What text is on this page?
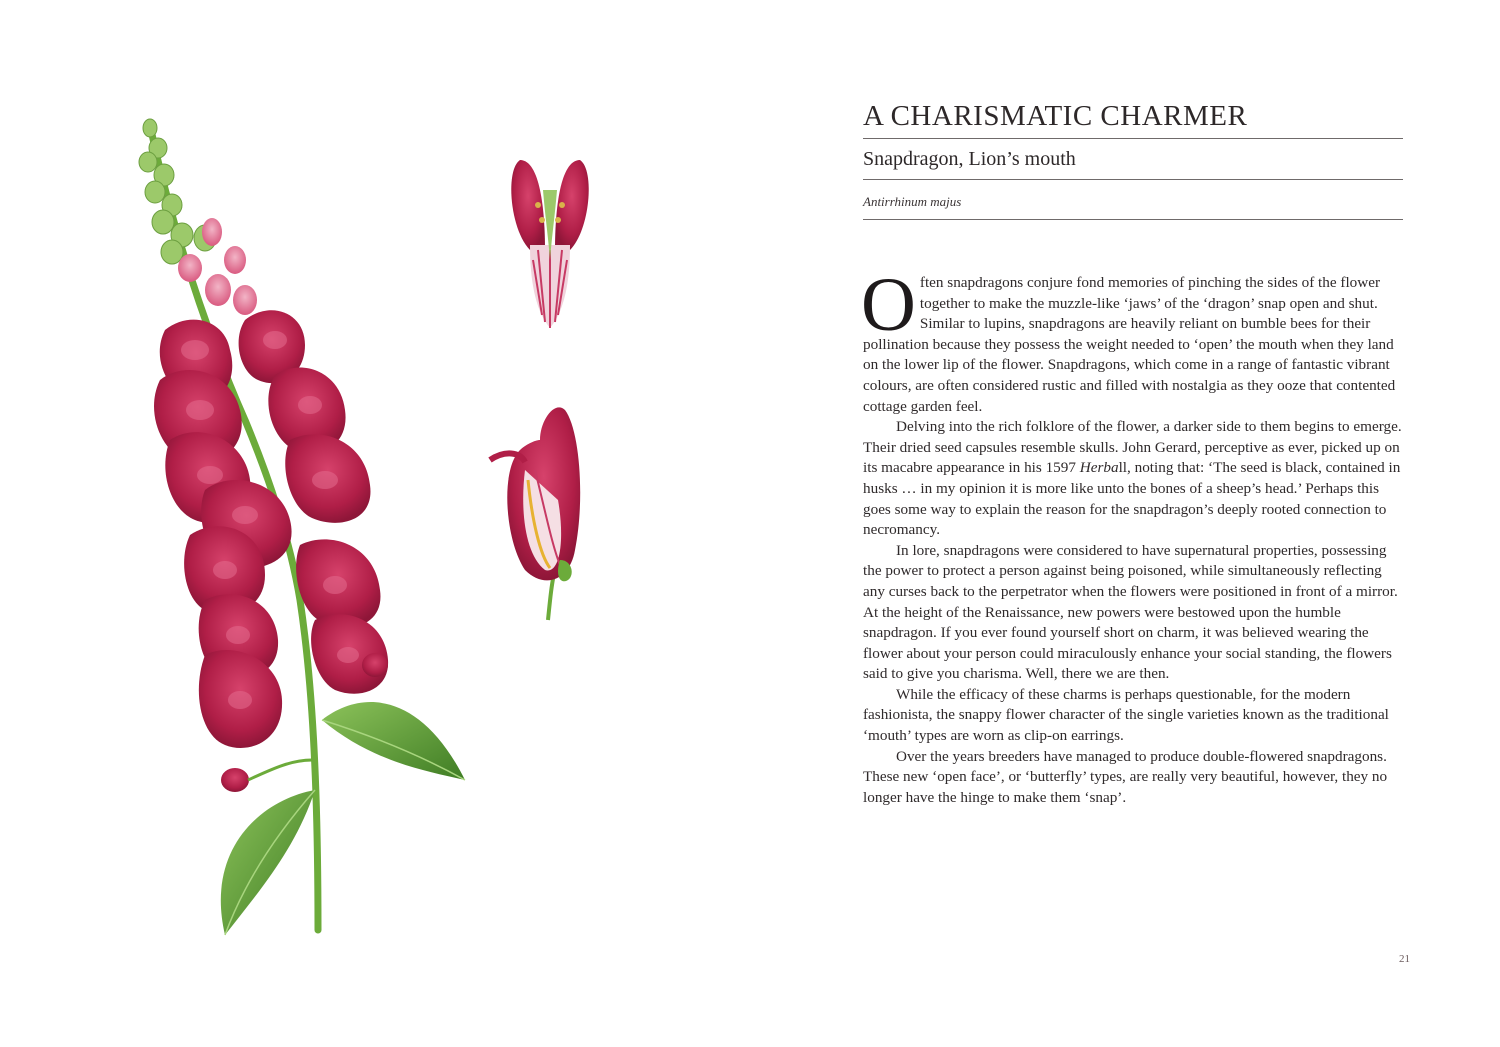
A CHARISMATIC CHARMER
Snapdragon, Lion’s mouth

Antirrhinum majus

Often snapdragons conjure fond memories of pinching the sides of the flower together to make the muzzle-like ‘jaws’ of the ‘dragon’ snap open and shut. Similar to lupins, snapdragons are heavily reliant on bumble bees for their pollination because they possess the weight needed to ‘open’ the mouth when they land on the lower lip of the flower. Snapdragons, which come in a range of fantastic vibrant colours, are often considered rustic and filled with nostalgia as they ooze that contented cottage garden feel.

Delving into the rich folklore of the flower, a darker side to them begins to emerge. Their dried seed capsules resemble skulls. John Gerard, perceptive as ever, picked up on its macabre appearance in his 1597 Herball, noting that: ‘The seed is black, contained in husks … in my opinion it is more like unto the bones of a sheep’s head.’ Perhaps this goes some way to explain the reason for the snapdragon’s deeply rooted connection to necromancy.

In lore, snapdragons were considered to have supernatural properties, possessing the power to protect a person against being poisoned, while simultaneously reflecting any curses back to the perpetrator when the flowers were positioned in front of a mirror. At the height of the Renaissance, new powers were bestowed upon the humble snapdragon. If you ever found yourself short on charm, it was believed wearing the flower about your person could miraculously enhance your social standing, the flowers said to give you charisma. Well, there we are then.

While the efficacy of these charms is perhaps questionable, for the modern fashionista, the snappy flower character of the single varieties known as the traditional ‘mouth’ types are worn as clip-on earrings.

Over the years breeders have managed to produce double-flowered snapdragons. These new ‘open face’, or ‘butterfly’ types, are really very beautiful, however, they no longer have the hinge to make them ‘snap’.

21
